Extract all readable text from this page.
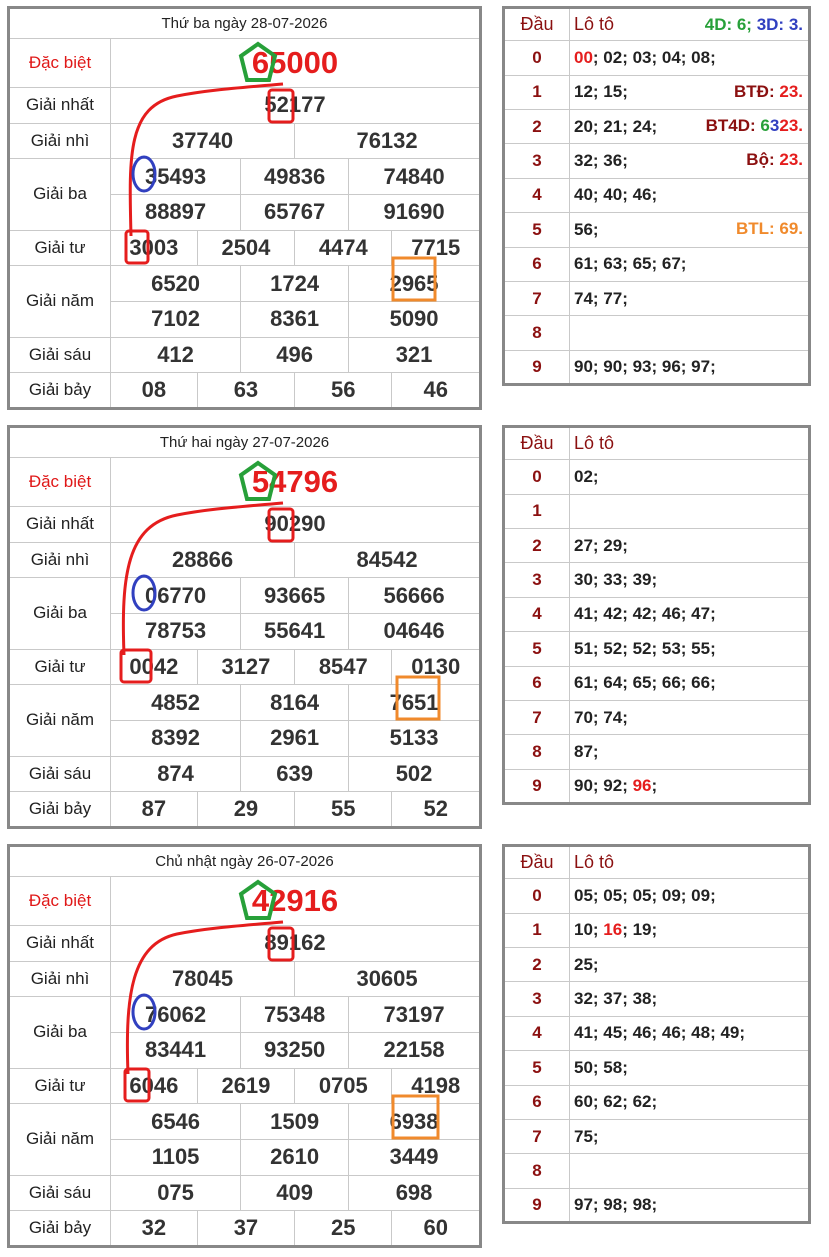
Thứ ba ngày 28-07-2026						
Đặc biệt	65000					
Giải nhất	52177					
Giải nhì	37740			76132		
Giải ba	35493		49836		74840	
	88897		65767		91690	
Giải tư	3003	2504		4474		7715
Giải năm	6520		1724		2965	
	7102		8361		5090	
Giải sáu	412		496		321	
Giải bảy	08	63		56		46
Đầu	Lô tô 4D: 6; 3D: 3.

0	00; 02; 03; 04; 08;
1	12; 15; BTĐ: 23.

2	20; 21; 24; BT4D: 6323.

3	32; 36; Bộ: 23.

4	40; 40; 46;
5	56; BTL: 69.

6	61; 63; 65; 67;
7	74; 77;
8	
9	90; 90; 93; 96; 97;
Thứ hai ngày 27-07-2026						
Đặc biệt	54796					
Giải nhất	90290					
Giải nhì	28866			84542		
Giải ba	06770		93665		56666	
	78753		55641		04646	
Giải tư	0042	3127		8547		0130
Giải năm	4852		8164		7651	
	8392		2961		5133	
Giải sáu	874		639		502	
Giải bảy	87	29		55		52
Đầu	Lô tô
0	02;
1	
2	27; 29;
3	30; 33; 39;
4	41; 42; 42; 46; 47;
5	51; 52; 52; 53; 55;
6	61; 64; 65; 66; 66;
7	70; 74;
8	87;
9	90; 92; 96;
Chủ nhật ngày 26-07-2026						
Đặc biệt	42916					
Giải nhất	89162					
Giải nhì	78045			30605		
Giải ba	76062		75348		73197	
	83441		93250		22158	
Giải tư	6046	2619		0705		4198
Giải năm	6546		1509		6938	
	1105		2610		3449	
Giải sáu	075		409		698	
Giải bảy	32	37		25		60
Đầu	Lô tô
0	05; 05; 05; 09; 09;
1	10; 16; 19;
2	25;
3	32; 37; 38;
4	41; 45; 46; 46; 48; 49;
5	50; 58;
6	60; 62; 62;
7	75;
8	
9	97; 98; 98;
